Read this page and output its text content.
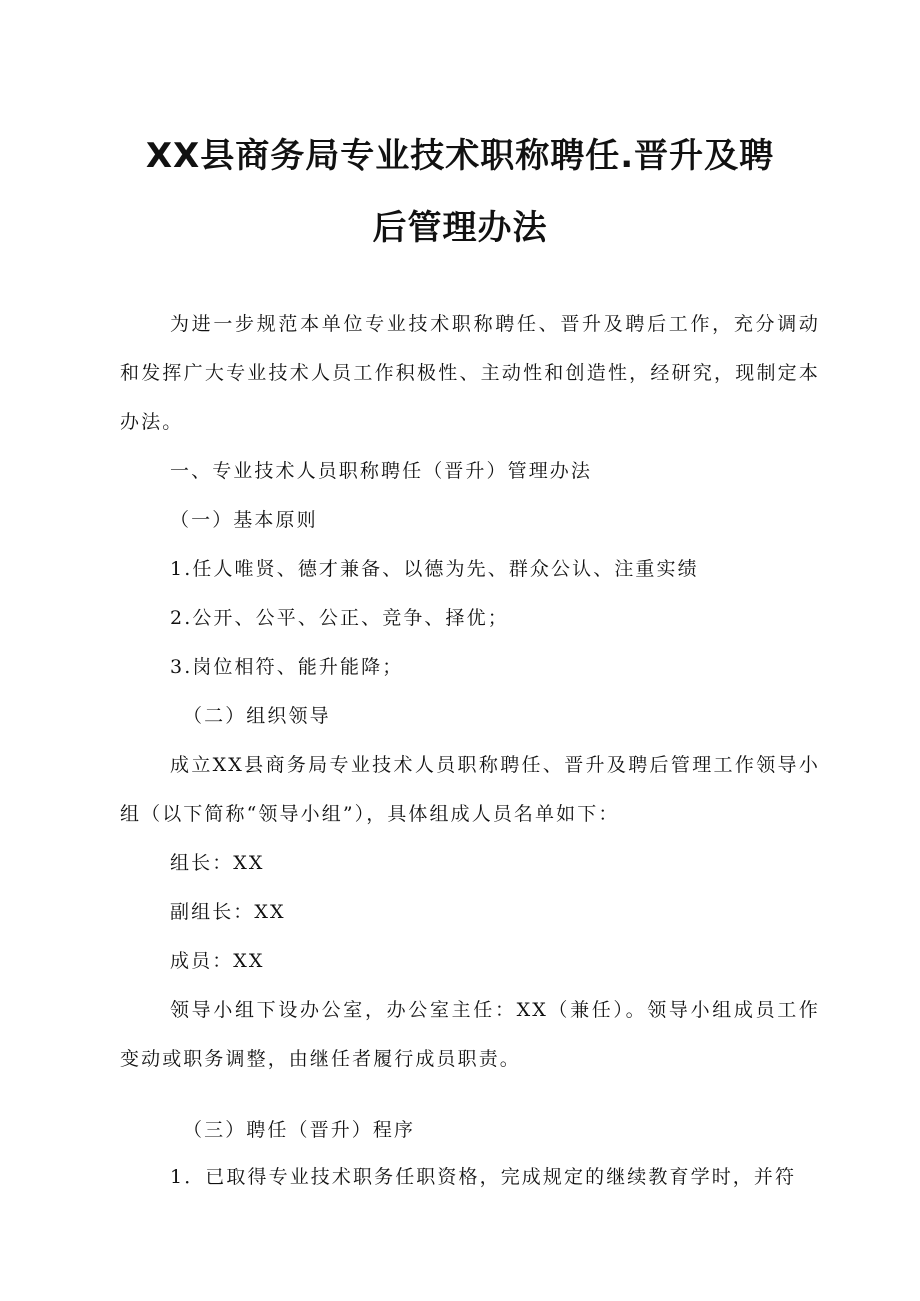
XX县商务局专业技术职称聘任.晋升及聘
后管理办法

为进一步规范本单位专业技术职称聘任、晋升及聘后工作，充分调动和发挥广大专业技术人员工作积极性、主动性和创造性，经研究，现制定本办法。

一、专业技术人员职称聘任（晋升）管理办法

（一）基本原则

1.任人唯贤、德才兼备、以德为先、群众公认、注重实绩

2.公开、公平、公正、竞争、择优；

3.岗位相符、能升能降；

（二）组织领导

成立XX县商务局专业技术人员职称聘任、晋升及聘后管理工作领导小组（以下简称“领导小组”），具体组成人员名单如下：

组长：XX

副组长：XX

成员：XX

领导小组下设办公室，办公室主任：XX（兼任）。领导小组成员工作变动或职务调整，由继任者履行成员职责。

（三）聘任（晋升）程序

1．已取得专业技术职务任职资格，完成规定的继续教育学时，并符
